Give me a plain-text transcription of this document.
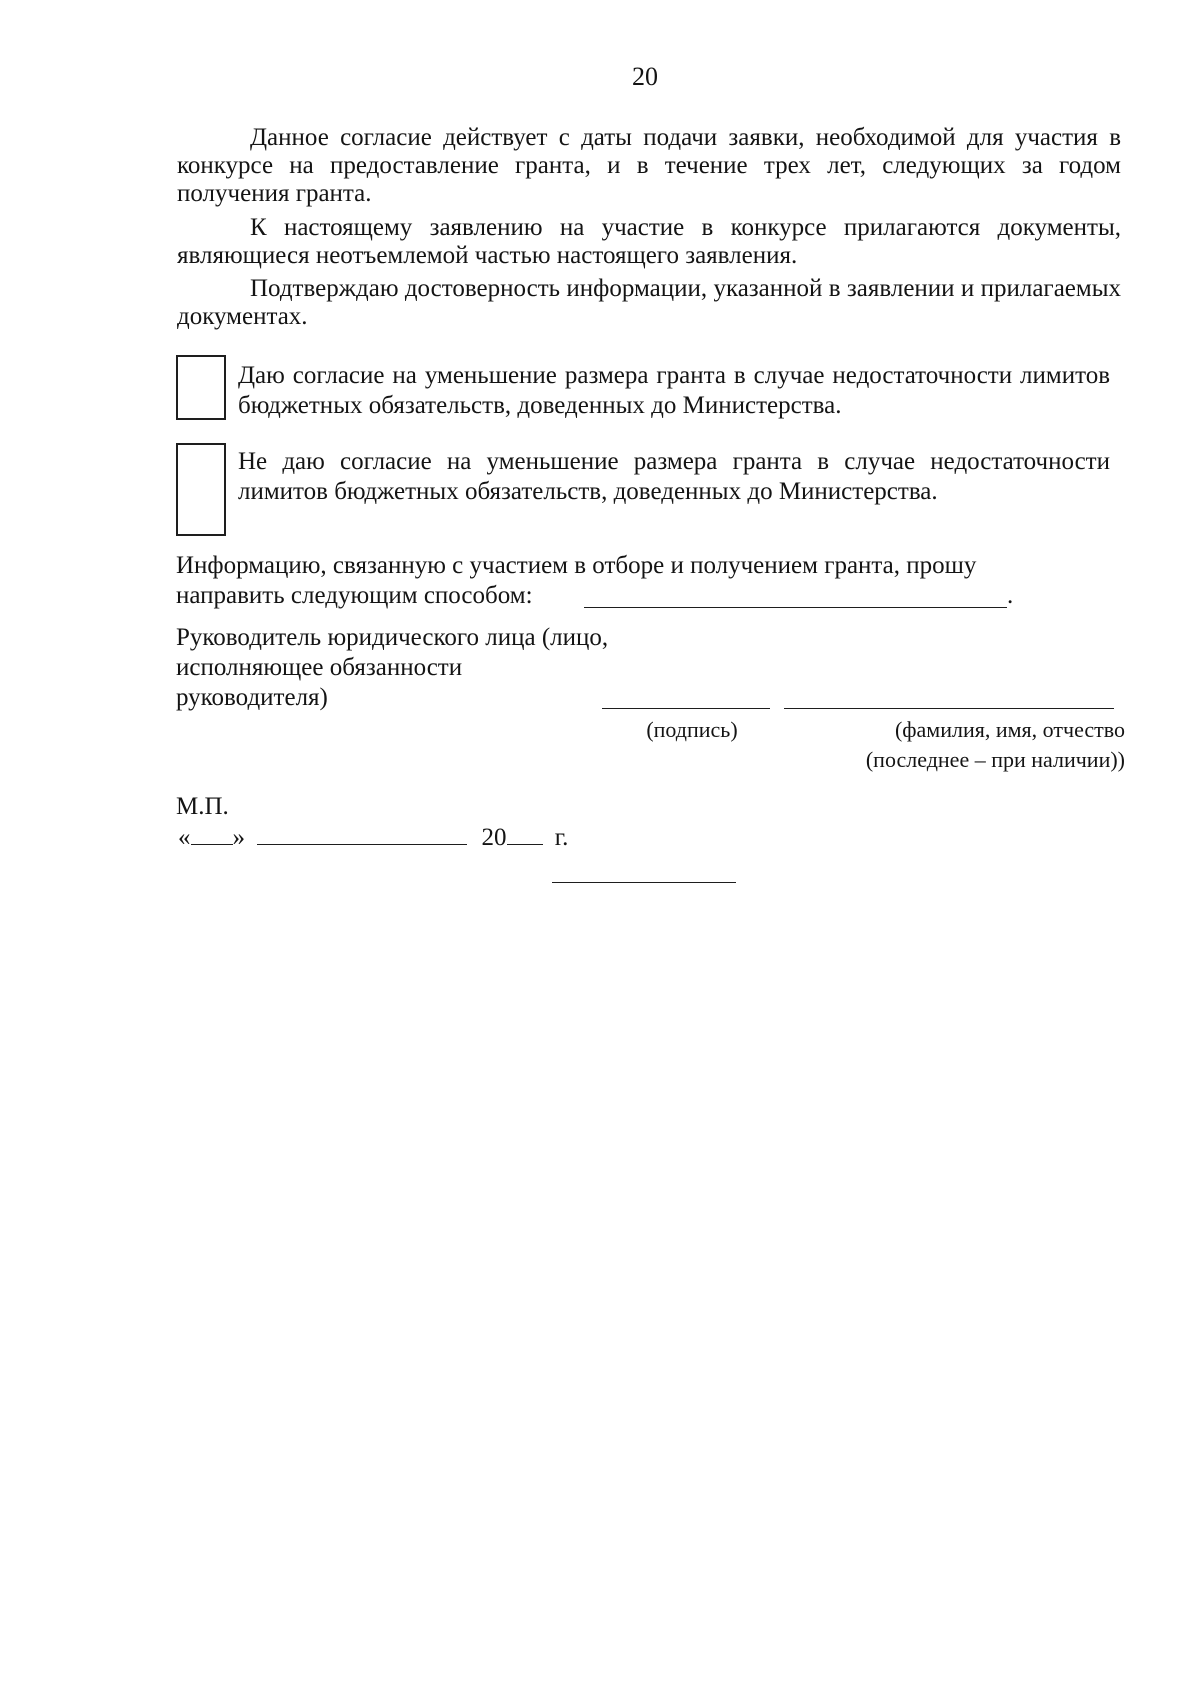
20
Данное согласие действует с даты подачи заявки, необходимой для участия в конкурсе на предоставление гранта, и в течение трех лет, следующих за годом получения гранта.
К настоящему заявлению на участие в конкурсе прилагаются документы, являющиеся неотъемлемой частью настоящего заявления.
Подтверждаю достоверность информации, указанной в заявлении и прилагаемых документах.
Даю согласие на уменьшение размера гранта в случае недостаточности лимитов бюджетных обязательств, доведенных до Министерства.
Не даю согласие на уменьшение размера гранта в случае недостаточности лимитов бюджетных обязательств, доведенных до Министерства.
Информацию, связанную с участием в отборе и получением гранта, прошу
направить следующим способом:	.
Руководитель юридического лица (лицо, исполняющее обязанности руководителя)
(подпись)	(фамилия, имя, отчество (последнее – при наличии))
М.П.
« »	20 г.
